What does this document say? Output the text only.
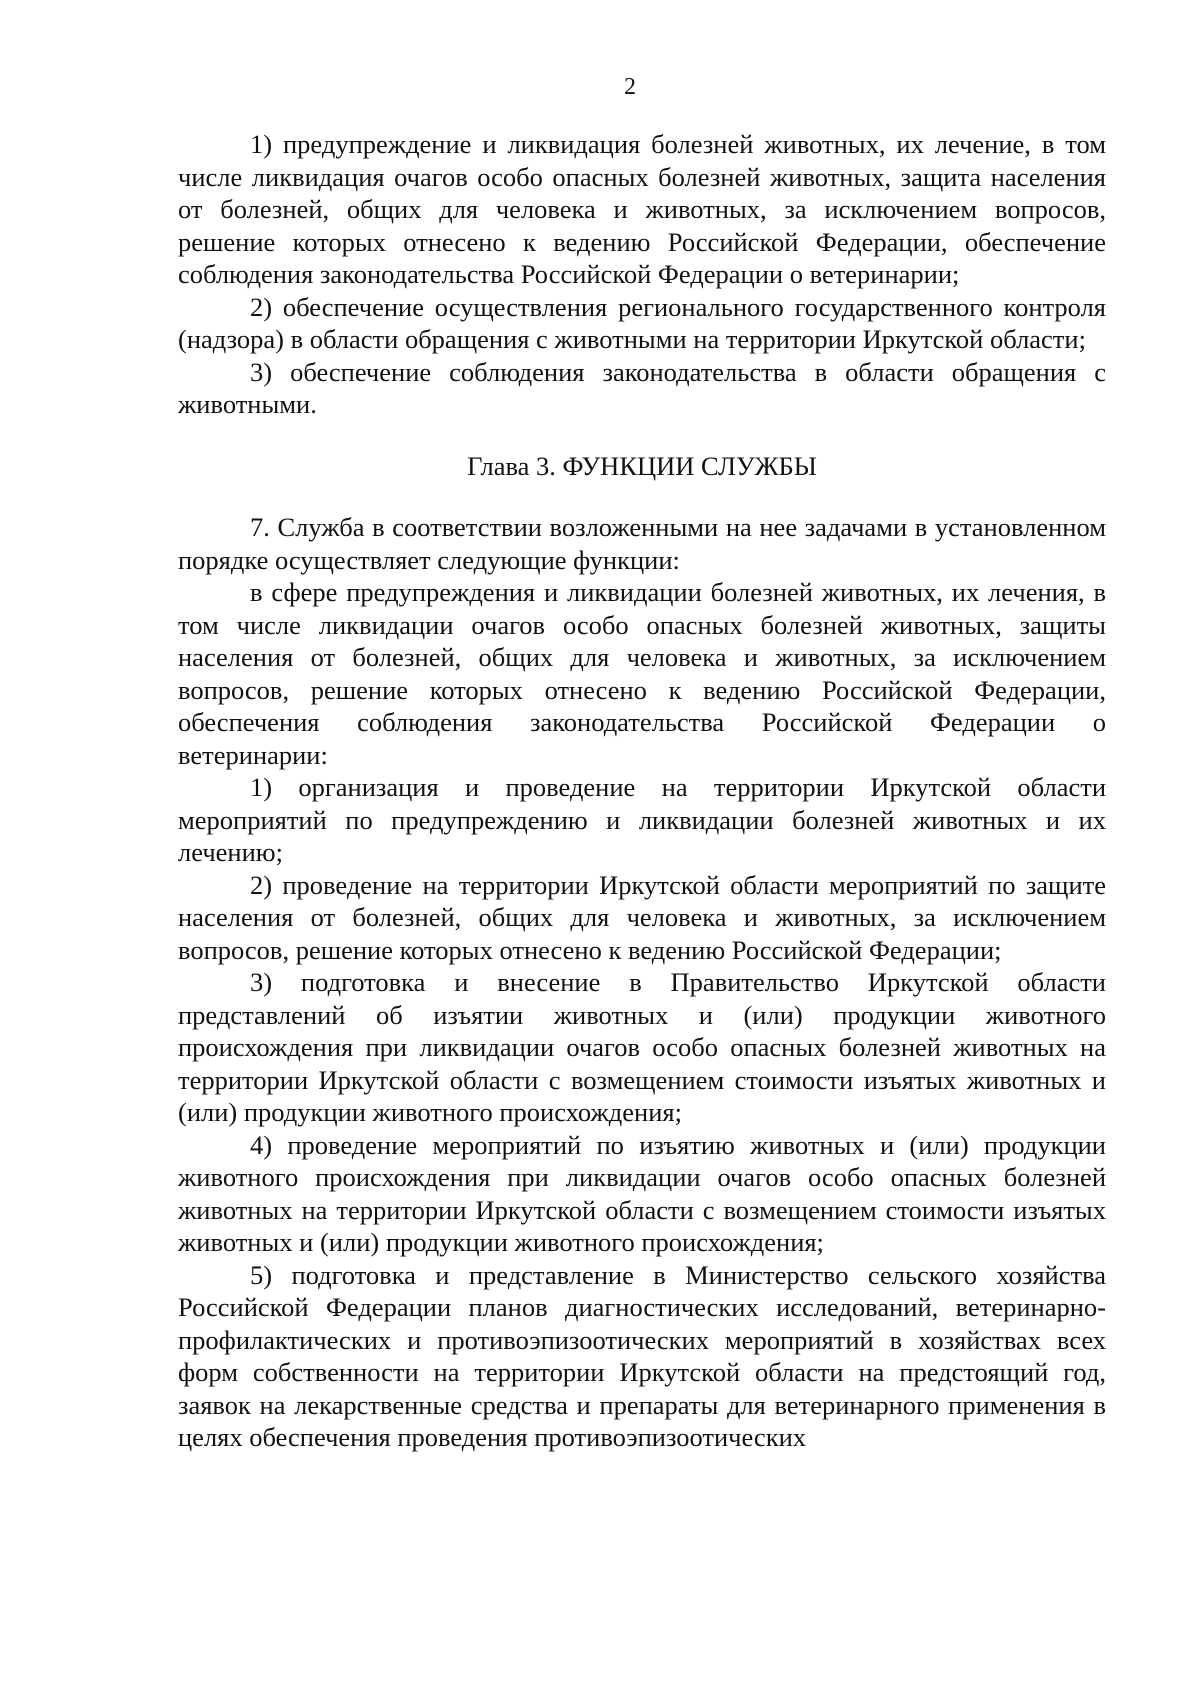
2

1) предупреждение и ликвидация болезней животных, их лечение, в том числе ликвидация очагов особо опасных болезней животных, защита населения от болезней, общих для человека и животных, за исключением вопросов, решение которых отнесено к ведению Российской Федерации, обеспечение соблюдения законодательства Российской Федерации о ветеринарии;

2) обеспечение осуществления регионального государственного контроля (надзора) в области обращения с животными на территории Иркутской области;

3) обеспечение соблюдения законодательства в области обращения с животными.

Глава 3. ФУНКЦИИ СЛУЖБЫ

7. Служба в соответствии возложенными на нее задачами в установленном порядке осуществляет следующие функции:

в сфере предупреждения и ликвидации болезней животных, их лечения, в том числе ликвидации очагов особо опасных болезней животных, защиты населения от болезней, общих для человека и животных, за исключением вопросов, решение которых отнесено к ведению Российской Федерации, обеспечения соблюдения законодательства Российской Федерации о ветеринарии:

1) организация и проведение на территории Иркутской области мероприятий по предупреждению и ликвидации болезней животных и их лечению;

2) проведение на территории Иркутской области мероприятий по защите населения от болезней, общих для человека и животных, за исключением вопросов, решение которых отнесено к ведению Российской Федерации;

3) подготовка и внесение в Правительство Иркутской области представлений об изъятии животных и (или) продукции животного происхождения при ликвидации очагов особо опасных болезней животных на территории Иркутской области с возмещением стоимости изъятых животных и (или) продукции животного происхождения;

4) проведение мероприятий по изъятию животных и (или) продукции животного происхождения при ликвидации очагов особо опасных болезней животных на территории Иркутской области с возмещением стоимости изъятых животных и (или) продукции животного происхождения;

5) подготовка и представление в Министерство сельского хозяйства Российской Федерации планов диагностических исследований, ветеринарно-профилактических и противоэпизоотических мероприятий в хозяйствах всех форм собственности на территории Иркутской области на предстоящий год, заявок на лекарственные средства и препараты для ветеринарного применения в целях обеспечения проведения противоэпизоотических
